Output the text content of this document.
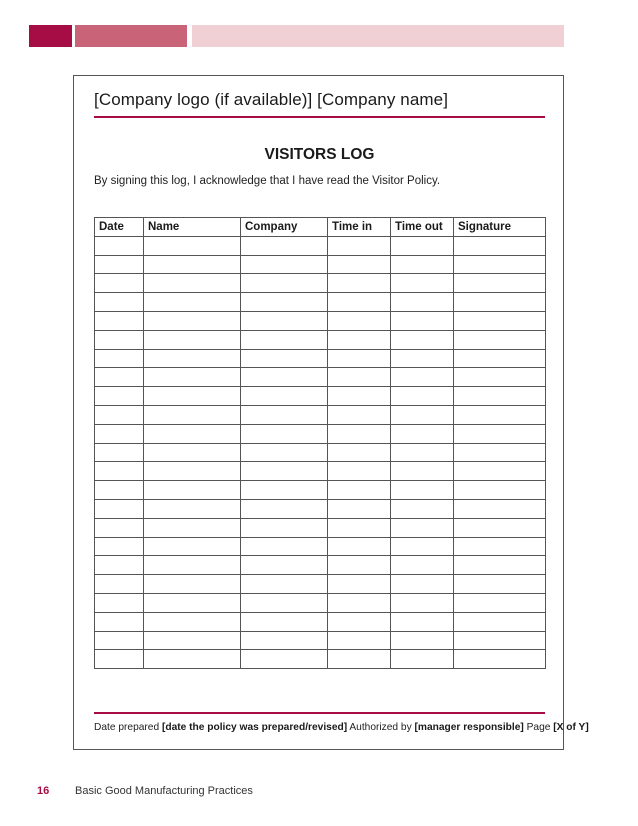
[Company logo (if available)] [Company name]
VISITORS LOG
By signing this log, I acknowledge that I have read the Visitor Policy.
Date	Name	Company	Time in	Time out	Signature

Date prepared [date the policy was prepared/revised] Authorized by [manager responsible] Page [X of Y]
16 Basic Good Manufacturing Practices
